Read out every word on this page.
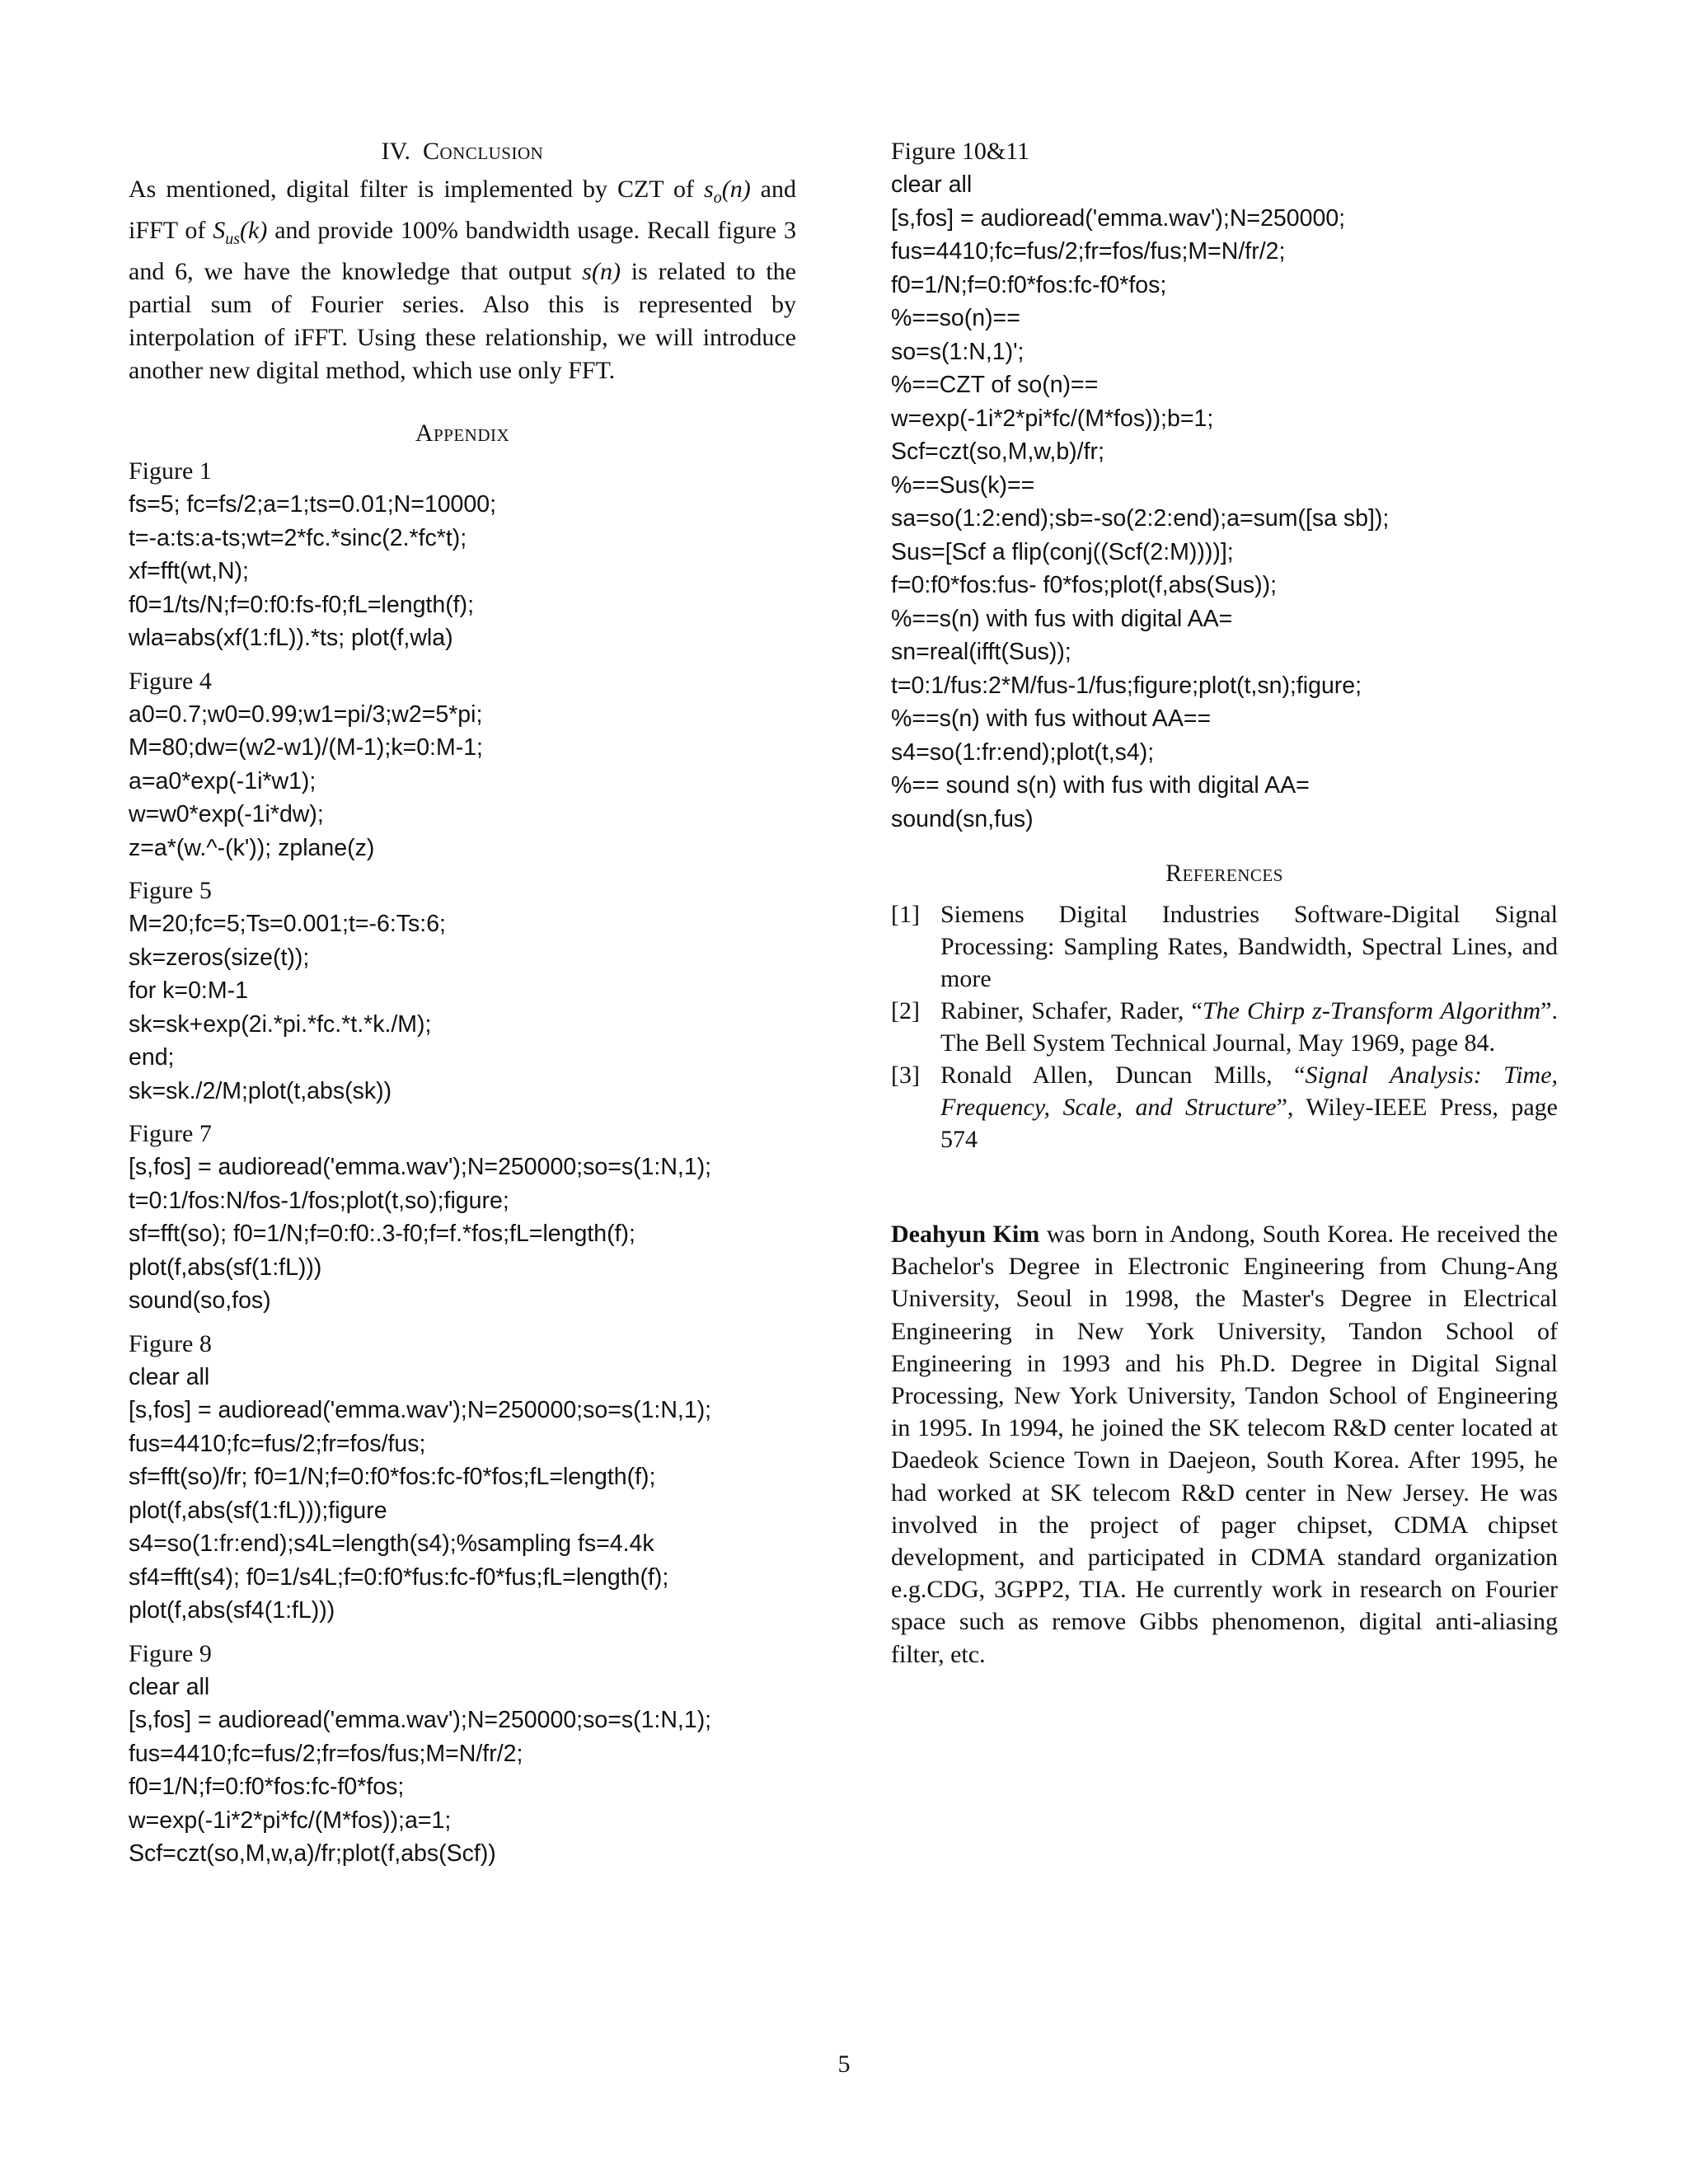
IV. Conclusion
As mentioned, digital filter is implemented by CZT of $s_o(n)$ and iFFT of $S_{us}(k)$ and provide 100% bandwidth usage. Recall figure 3 and 6, we have the knowledge that output s(n) is related to the partial sum of Fourier series. Also this is represented by interpolation of iFFT. Using these relationship, we will introduce another new digital method, which use only FFT.
Appendix
Figure 1
fs=5; fc=fs/2;a=1;ts=0.01;N=10000;
t=-a:ts:a-ts;wt=2*fc.*sinc(2.*fc*t);
xf=fft(wt,N);
f0=1/ts/N;f=0:f0:fs-f0;fL=length(f);
wla=abs(xf(1:fL)).*ts; plot(f,wla)
Figure 4
a0=0.7;w0=0.99;w1=pi/3;w2=5*pi;
M=80;dw=(w2-w1)/(M-1);k=0:M-1;
a=a0*exp(-1i*w1);
w=w0*exp(-1i*dw);
z=a*(w.^-(k')); zplane(z)
Figure 5
M=20;fc=5;Ts=0.001;t=-6:Ts:6;
sk=zeros(size(t));
for k=0:M-1
sk=sk+exp(2i.*pi.*fc.*t.*k./M);
end;
sk=sk./2/M;plot(t,abs(sk))
Figure 7
[s,fos] = audioread('emma.wav');N=250000;so=s(1:N,1);
t=0:1/fos:N/fos-1/fos;plot(t,so);figure;
sf=fft(so); f0=1/N;f=0:f0:.3-f0;f=f.*fos;fL=length(f);
plot(f,abs(sf(1:fL)))
sound(so,fos)
Figure 8
clear all
[s,fos] = audioread('emma.wav');N=250000;so=s(1:N,1);
fus=4410;fc=fus/2;fr=fos/fus;
sf=fft(so)/fr; f0=1/N;f=0:f0*fos:fc-f0*fos;fL=length(f);
plot(f,abs(sf(1:fL)));figure
s4=so(1:fr:end);s4L=length(s4);%sampling fs=4.4k
sf4=fft(s4); f0=1/s4L;f=0:f0*fus:fc-f0*fus;fL=length(f);
plot(f,abs(sf4(1:fL)))
Figure 9
clear all
[s,fos] = audioread('emma.wav');N=250000;so=s(1:N,1);
fus=4410;fc=fus/2;fr=fos/fus;M=N/fr/2;
f0=1/N;f=0:f0*fos:fc-f0*fos;
w=exp(-1i*2*pi*fc/(M*fos));a=1;
Scf=czt(so,M,w,a)/fr;plot(f,abs(Scf))
Figure 10&11
clear all
[s,fos] = audioread('emma.wav');N=250000;
fus=4410;fc=fus/2;fr=fos/fus;M=N/fr/2;
f0=1/N;f=0:f0*fos:fc-f0*fos;
%==so(n)==
so=s(1:N,1)';
%==CZT of so(n)==
w=exp(-1i*2*pi*fc/(M*fos));b=1;
Scf=czt(so,M,w,b)/fr;
%==Sus(k)==
sa=so(1:2:end);sb=-so(2:2:end);a=sum([sa sb]);
Sus=[Scf a flip(conj((Scf(2:M))))];
f=0:f0*fos:fus- f0*fos;plot(f,abs(Sus));
%==s(n) with fus with digital AA=
sn=real(ifft(Sus));
t=0:1/fus:2*M/fus-1/fus;figure;plot(t,sn);figure;
%==s(n) with fus without AA==
s4=so(1:fr:end);plot(t,s4);
%== sound s(n) with fus with digital AA=
sound(sn,fus)
References
[1] Siemens Digital Industries Software-Digital Signal Processing: Sampling Rates, Bandwidth, Spectral Lines, and more
[2] Rabiner, Schafer, Rader, “The Chirp z-Transform Algorithm”. The Bell System Technical Journal, May 1969, page 84.
[3] Ronald Allen, Duncan Mills, “Signal Analysis: Time, Frequency, Scale, and Structure”, Wiley-IEEE Press, page 574
Deahyun Kim was born in Andong, South Korea. He received the Bachelor's Degree in Electronic Engineering from Chung-Ang University, Seoul in 1998, the Master's Degree in Electrical Engineering in New York University, Tandon School of Engineering in 1993 and his Ph.D. Degree in Digital Signal Processing, New York University, Tandon School of Engineering in 1995. In 1994, he joined the SK telecom R&D center located at Daedeok Science Town in Daejeon, South Korea. After 1995, he had worked at SK telecom R&D center in New Jersey. He was involved in the project of pager chipset, CDMA chipset development, and participated in CDMA standard organization e.g.CDG, 3GPP2, TIA. He currently work in research on Fourier space such as remove Gibbs phenomenon, digital anti-aliasing filter, etc.
5
